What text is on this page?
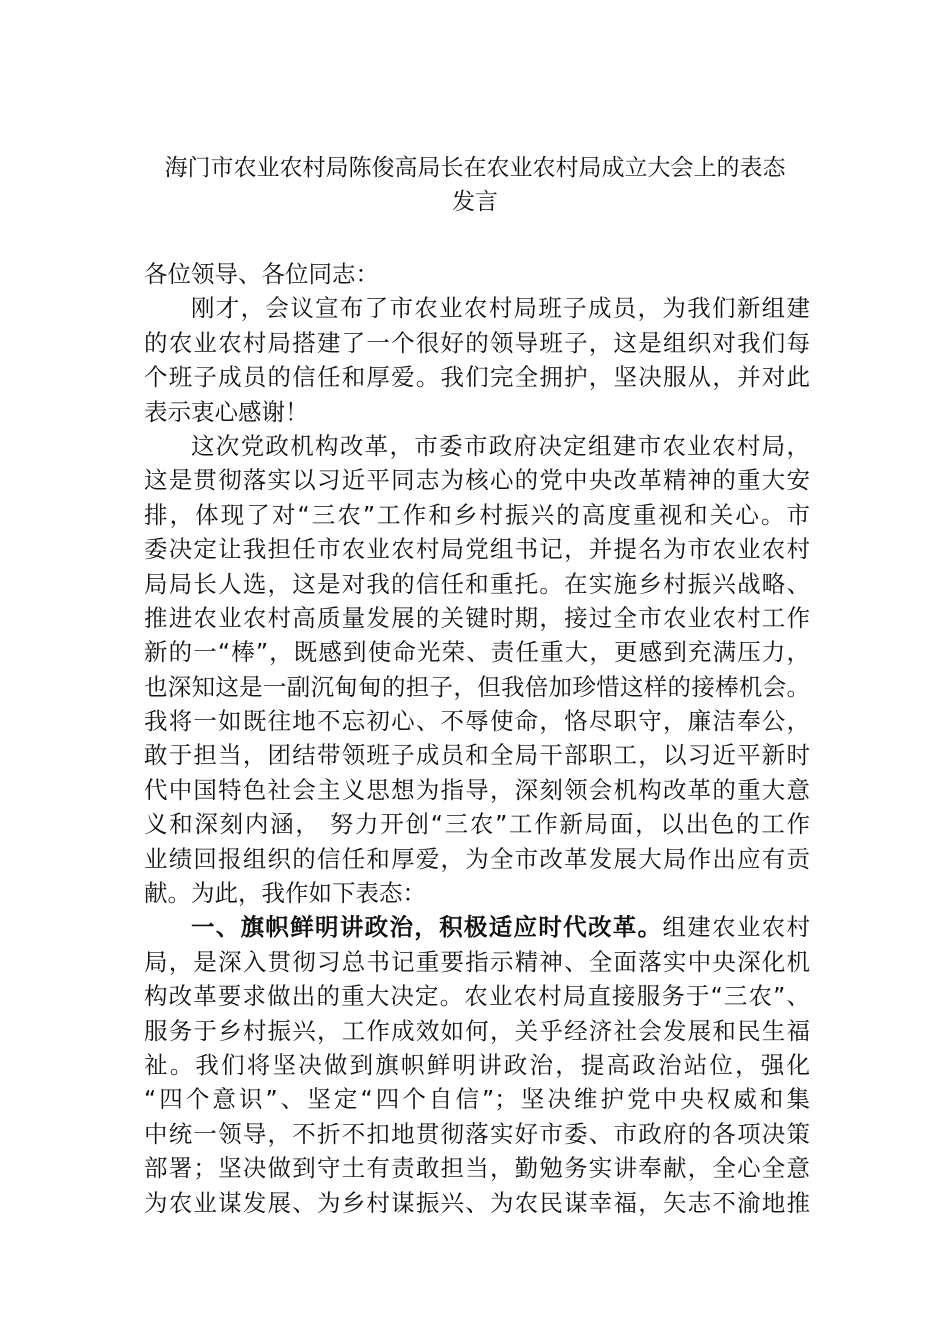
海门市农业农村局陈俊高局长在农业农村局成立大会上的表态
发言
各位领导、各位同志：
刚才，会议宣布了市农业农村局班子成员，为我们新组建
的农业农村局搭建了一个很好的领导班子，这是组织对我们每
个班子成员的信任和厚爱。我们完全拥护，坚决服从，并对此
表示衷心感谢！
这次党政机构改革，市委市政府决定组建市农业农村局，
这是贯彻落实以习近平同志为核心的党中央改革精神的重大安
排，体现了对“三农”工作和乡村振兴的高度重视和关心。市
委决定让我担任市农业农村局党组书记，并提名为市农业农村
局局长人选，这是对我的信任和重托。在实施乡村振兴战略、
推进农业农村高质量发展的关键时期，接过全市农业农村工作
新的一“棒”，既感到使命光荣、责任重大，更感到充满压力，
也深知这是一副沉甸甸的担子，但我倍加珍惜这样的接棒机会。
我将一如既往地不忘初心、不辱使命，恪尽职守，廉洁奉公，
敢于担当，团结带领班子成员和全局干部职工，以习近平新时
代中国特色社会主义思想为指导，深刻领会机构改革的重大意
义和深刻内涵， 努力开创“三农”工作新局面，以出色的工作
业绩回报组织的信任和厚爱，为全市改革发展大局作出应有贡
献。为此，我作如下表态：
一、旗帜鲜明讲政治，积极适应时代改革。组建农业农村
局，是深入贯彻习总书记重要指示精神、全面落实中央深化机
构改革要求做出的重大决定。农业农村局直接服务于“三农”、
服务于乡村振兴，工作成效如何，关乎经济社会发展和民生福
祉。我们将坚决做到旗帜鲜明讲政治，提高政治站位，强化
“四个意识”、坚定“四个自信”；坚决维护党中央权威和集
中统一领导，不折不扣地贯彻落实好市委、市政府的各项决策
部署；坚决做到守土有责敢担当，勤勉务实讲奉献，全心全意
为农业谋发展、为乡村谋振兴、为农民谋幸福，矢志不渝地推
